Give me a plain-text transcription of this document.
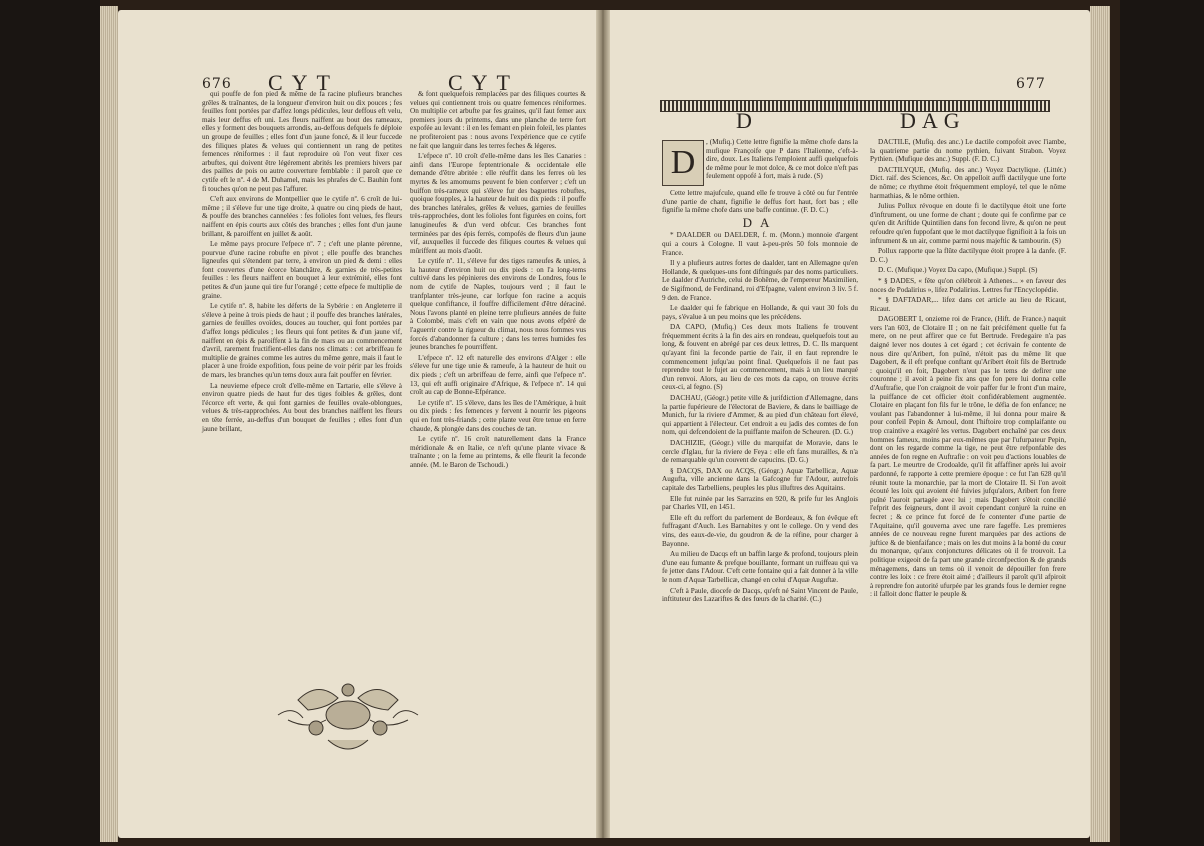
676 CYT	CYT

qui pouffe de fon pied & même de fa racine plufieurs branches grêles & traînantes, de la longueur d'environ huit ou dix pouces ; fes feuilles font portées par d'affez longs pédicules, leur deffous eft velu, mais leur deffus eft uni. Les fleurs naiffent au bout des rameaux, elles y forment des bouquets arrondis, au-deffous defquels fe déploie un groupe de feuilles ; elles font d'un jaune foncé, & il leur fuccede des filiques plates & velues qui contiennent un rang de petites femences réniformes : il faut reproduire où l'on veut fixer ces arbuftes, qui doivent être légérement abrités les premiers hivers par des pailles de pois ou autre couverture femblable : il paroît que ce cytife eft le nº. 4 de M. Duhamel, mais les phrafes de C. Bauhin font fi touches qu'on ne peut pas l'affurer.

C'eft aux environs de Montpellier que le cytife nº. 6 croît de lui-même ; il s'éleve fur une tige droite, à quatre ou cinq pieds de haut, & pouffe des branches cannelées : fes folioles font velues, fes fleurs naiffent en épis courts aux côtés des branches ; elles font d'un jaune brillant, & paroiffent en juillet & août.

Le même pays procure l'efpece nº. 7 ; c'eft une plante pérenne, pourvue d'une racine robufte en pivot ; elle pouffe des branches ligneufes qui s'étendent par terre, à environ un pied & demi : elles font couvertes d'une écorce blanchâtre, & garnies de très-petites feuilles : les fleurs naiffent en bouquet à leur extrémité, elles font petites & d'un jaune qui tire fur l'orangé ; cette efpece fe multiplie de graine.

Le cytife nº. 8, habite les déferts de la Sybérie : en Angleterre il s'éleve à peine à trois pieds de haut ; il pouffe des branches latérales, garnies de feuilles ovoïdes, douces au toucher, qui font portées par d'affez longs pédicules ; les fleurs qui font petites & d'un jaune vif, naiffent en épis & paroiffent à la fin de mars ou au commencement d'avril, rarement fructifient-elles dans nos climats : cet arbriffeau fe multiplie de graines comme les autres du même genre, mais il faut le placer à une froide expofition, fous peine de voir périr par les froids de mars, les branches qu'un tems doux aura fait pouffer en février.

La neuvieme efpece croît d'elle-même en Tartarie, elle s'éleve à environ quatre pieds de haut fur des tiges foibles & grêles, dont l'écorce eft verte, & qui font garnies de feuilles ovale-oblongues, velues & très-rapprochées. Au bout des branches naiffent les fleurs en tête ferrée, au-deffus d'un bouquet de feuilles ; elles font d'un jaune brillant,

& font quelquefois remplacées par des filiques courtes & velues qui contiennent trois ou quatre femences réniformes. On multiplie cet arbufte par fes graines, qu'il faut femer aux premiers jours du printems, dans une planche de terre fort expofée au levant : il en les femant en plein foleil, les plantes ne profiteroient pas : nous avons l'expérience que ce cytife ne fait que languir dans les terres feches & légeres.

L'efpece nº. 10 croît d'elle-même dans les îles Canaries : ainfi dans l'Europe feptentrionale & occidentale elle demande d'être abritée : elle réuffit dans les ferres où les myrtes & les amomums peuvent fe bien conferver ; c'eft un buiffon très-rameux qui s'éleve fur des baguettes robuftes, quoique foupples, à la hauteur de huit ou dix pieds : il pouffe des branches latérales, grêles & velues, garnies de feuilles très-rapprochées, dont les folioles font figurées en coins, fort lanugineufes & d'un verd obfcur. Ces branches font terminées par des épis ferrés, compofés de fleurs d'un jaune vif, auxquelles il fuccede des filiques courtes & velues qui mûriffent au mois d'août.

Le cytife nº. 11, s'éleve fur des tiges rameufes & unies, à la hauteur d'environ huit ou dix pieds : on l'a long-tems cultivé dans les pépinieres des environs de Londres, fous le nom de cytife de Naples, toujours verd ; il faut le tranfplanter très-jeune, car lorfque fon racine a acquis quelque confiftance, il fouffre difficilement d'être déraciné. Nous l'avons planté en pleine terre plufieurs années de fuite à Colombé, mais c'eft en vain que nous avons efpéré de l'aguerrir contre la rigueur du climat, nous nous fommes vus forcés d'abandonner fa culture ; dans les terres humides fes jeunes branches fe pourriffent.

L'efpece nº. 12 eft naturelle des environs d'Alger : elle s'éleve fur une tige unie & rameufe, à la hauteur de huit ou dix pieds ; c'eft un arbriffeau de ferre, ainfi que l'efpece nº. 13, qui eft auffi originaire d'Afrique, & l'efpece nº. 14 qui croît au cap de Bonne-Efpérance.

Le cytife nº. 15 s'éleve, dans les îles de l'Amérique, à huit ou dix pieds : fes femences y fervent à nourrir les pigeons qui en font très-friands ; cette plante veut être tenue en ferre chaude, & plongée dans des couches de tan.

Le cytife nº. 16 croît naturellement dans la France méridionale & en Italie, ce n'eft qu'une plante vivace & traînante ; on la feme au printems, & elle fleurit la feconde année. (M. le Baron de Tschoudi.)

677
D	DAG
D

, (Mufiq.) Cette lettre fignifie la même chofe dans la mufique Françoife que P dans l'Italienne, c'eft-à-dire, doux. Les Italiens l'emploient auffi quelquefois de même pour le mot dolce, & ce mot dolce n'eft pas feulement oppofé à fort, mais à rude. (S)

Cette lettre majufcule, quand elle fe trouve à côté ou fur l'entrée d'une partie de chant, fignifie le deffus fort haut, fort bas ; elle fignifie la même chofe dans une baffe continue. (F. D. C.)

DA

* DAALDER ou DAELDER, f. m. (Monn.) monnoie d'argent qui a cours à Cologne. Il vaut à-peu-près 50 fols monnoie de France.

Il y a plufieurs autres fortes de daalder, tant en Allemagne qu'en Hollande, & quelques-uns font diftingués par des noms particuliers. Le daalder d'Autriche, celui de Bohême, de l'empereur Maximilien, de Sigifmond, de Ferdinand, roi d'Efpagne, valent environ 3 liv. 5 f. 9 den. de France.

Le daalder qui fe fabrique en Hollande, & qui vaut 30 fols du pays, s'évalue à un peu moins que les précédens.

DA CAPO, (Mufiq.) Ces deux mots Italiens fe trouvent fréquemment écrits à la fin des airs en rondeau, quelquefois tout au long, & fouvent en abrégé par ces deux lettres, D. C. Ils marquent qu'ayant fini la feconde partie de l'air, il en faut reprendre le commencement jufqu'au point final. Quelquefois il ne faut pas reprendre tout le fujet au commencement, mais à un lieu marqué d'un renvoi. Alors, au lieu de ces mots da capo, on trouve écrits ceux-ci, al fegno. (S)

DACHAU, (Géogr.) petite ville & jurifdiction d'Allemagne, dans la partie fupérieure de l'électorat de Baviere, & dans le bailliage de Munich, fur la riviere d'Ammer, & au pied d'un château fort élevé, qui appartient à l'électeur. Cet endroit a eu jadis des comtes de fon nom, qui defcendoient de la puiffante maifon de Scheuren. (D. G.)

DACHIZIE, (Géogr.) ville du marquifat de Moravie, dans le cercle d'Iglau, fur la riviere de Feya : elle eft fans murailles, & n'a de remarquable qu'un couvent de capucins. (D. G.)

§ DACQS, DAX ou ACQS, (Géogr.) Aquæ Tarbellicæ, Aquæ Augufta, ville ancienne dans la Gafcogne fur l'Adour, autrefois capitale des Tarbelliens, peuples les plus illuftres des Aquitains.

Elle fut ruinée par les Sarrazins en 920, & prife fur les Anglois par Charles VII, en 1451.

Elle eft du reffort du parlement de Bordeaux, & fon évêque eft fuffragant d'Auch. Les Barnabites y ont le college. On y vend des vins, des eaux-de-vie, du goudron & de la réfine, pour charger à Bayonne.

Au milieu de Dacqs eft un baffin large & profond, toujours plein d'une eau fumante & prefque bouillante, formant un ruiffeau qui va fe jetter dans l'Adour. C'eft cette fontaine qui a fait donner à la ville le nom d'Aquæ Tarbellicæ, changé en celui d'Aquæ Auguftæ.

C'eft à Paule, diocefe de Dacqs, qu'eft né Saint Vincent de Paule, inftituteur des Lazariftes & des fœurs de la charité. (C.)

DACTILE, (Mufiq. des anc.) Le dactile compofoit avec l'iambe, la quatrieme partie du nome pythien, fuivant Strabon. Voyez Pythien. (Mufique des anc.) Suppl. (F. D. C.)

DACTILYQUE, (Mufiq. des anc.) Voyez Dactylique. (Littér.) Dict. raif. des Sciences, &c. On appelloit auffi dactilyque une forte de nôme; ce rhythme étoit fréquemment employé, tel que le nôme harmathias, & le nôme orthien.

Julius Pollux révoque en doute fi le dactilyque étoit une forte d'inftrument, ou une forme de chant ; doute qui fe confirme par ce qu'en dit Ariftide Quintilien dans fon fecond livre, & qu'on ne peut refoudre qu'en fuppofant que le mot dactilyque fignifioit à la fois un inftrument & un air, comme parmi nous majeftic & tambourin. (S)

Pollux rapporte que la flûte dactilyque étoit propre à la danfe. (F. D. C.)

D. C. (Mufique.) Voyez Da capo, (Mufique.) Suppl. (S)

* § DADES, « fête qu'on célébroit à Athenes... » en faveur des noces de Podalirius », lifez Podalirius. Lettres fur l'Encyclopédie.

* § DAFTADAR,... lifez dans cet article au lieu de Ricaut, Ricaut.

DAGOBERT I, onzieme roi de France, (Hift. de France.) naquit vers l'an 603, de Clotaire II ; on ne fait précifément quelle fut fa mere, on ne peut affirer que ce fut Bertrude. Fredegaire n'a pas daigné lever nos doutes à cet égard ; cet écrivain fe contente de nous dire qu'Aribert, fon puîné, n'étoit pas du même lit que Dagobert, & il eft prefque conftant qu'Aribert étoit fils de Bertrude : quoiqu'il en foit, Dagobert n'eut pas le tems de defirer une couronne ; il avoit à peine fix ans que fon pere lui donna celle d'Auftrafie, que l'on craignoit de voir paffer fur le front d'un maire, la puiffance de cet officier étoit confidérablement augmentée. Clotaire en plaçant fon fils fur le trône, le défia de fon enfance; ne voulant pas l'abandonner à lui-même, il lui donna pour maire & pour confeil Pepin & Arnoul, dont l'hiftoire trop complaifante ou trop craintive a exagéré les vertus. Dagobert enchaîné par ces deux hommes fameux, moins par eux-mêmes que par l'ufurpateur Pepin, dont on les regarde comme la tige, ne peut être refponfable des années de fon regne en Auftrafie : on voit peu d'actions louables de fa part. Le meurtre de Crodoalde, qu'il fit affaffiner après lui avoir pardonné, fe rapporte à cette premiere époque : ce fut l'an 628 qu'il réunit toute la monarchie, par la mort de Clotaire II. Si l'on avoit écouté les loix qui avoient été fuivies jufqu'alors, Aribert fon frere puîné l'auroit partagée avec lui ; mais Dagobert s'étoit concilié l'efprit des feigneurs, dont il avoit cependant conjuré la ruine en fecret ; & ce prince fut forcé de fe contenter d'une partie de l'Aquitaine, qu'il gouverna avec une rare fageffe. Les premieres années de ce nouveau regne furent marquées par des actions de juftice & de bienfaifance ; mais on les dut moins à la bonté du cœur du monarque, qu'aux conjonctures délicates où il fe trouvoit. La politique exigeoit de fa part une grande circonfpection & de grands ménagemens, dans un tems où il venoit de dépouiller fon frere contre les loix : ce frere étoit aimé ; d'ailleurs il paroît qu'il afpiroit à reprendre fon autorité ufurpée par les grands fous le dernier regne : il falloit donc flatter le peuple &
